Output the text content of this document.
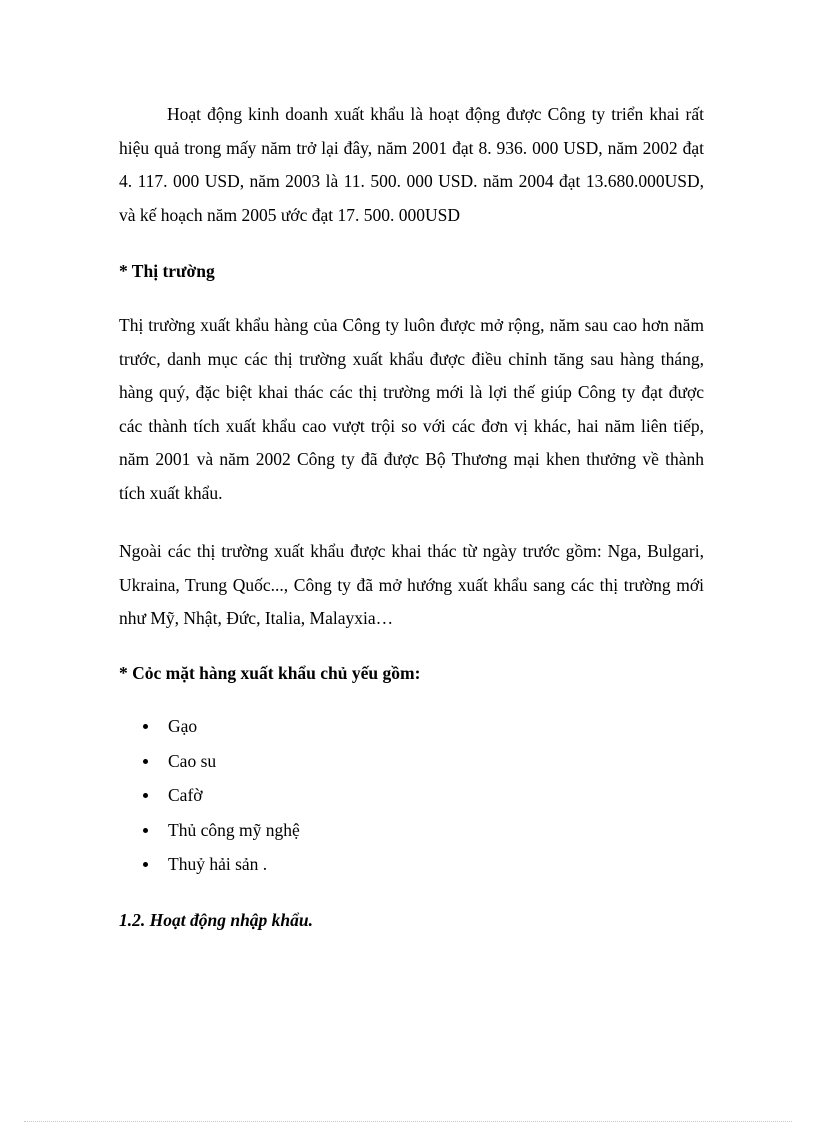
Hoạt động kinh doanh xuất khẩu là hoạt động được Công ty triển khai rất hiệu quả trong mấy năm trở lại đây, năm 2001 đạt 8. 936. 000 USD, năm 2002 đạt 4. 117. 000 USD, năm 2003 là 11. 500. 000 USD. năm 2004 đạt 13.680.000USD, và kế hoạch năm 2005 ước đạt 17. 500. 000USD

* Thị trường

Thị trường xuất khẩu hàng của Công ty luôn được mở rộng, năm sau cao hơn năm trước, danh mục các thị trường xuất khẩu được điều chỉnh tăng sau hàng tháng, hàng quý, đặc biệt khai thác các thị trường mới là lợi thế giúp Công ty đạt được các thành tích xuất khẩu cao vượt trội so với các đơn vị khác, hai năm liên tiếp, năm 2001 và năm 2002 Công ty đã được Bộ Thương mại khen thưởng về thành tích xuất khẩu.

Ngoài các thị trường xuất khẩu được khai thác từ ngày trước gồm: Nga, Bulgari, Ukraina, Trung Quốc..., Công ty đã mở hướng xuất khẩu sang các thị trường mới như Mỹ, Nhật, Đức, Italia, Malayxia…

* Cỏc mặt hàng xuất khẩu chủ yếu gồm:

Gạo
Cao su
Cafờ
Thủ công mỹ nghệ
Thuỷ hải sản .

1.2. Hoạt động nhập khẩu.
